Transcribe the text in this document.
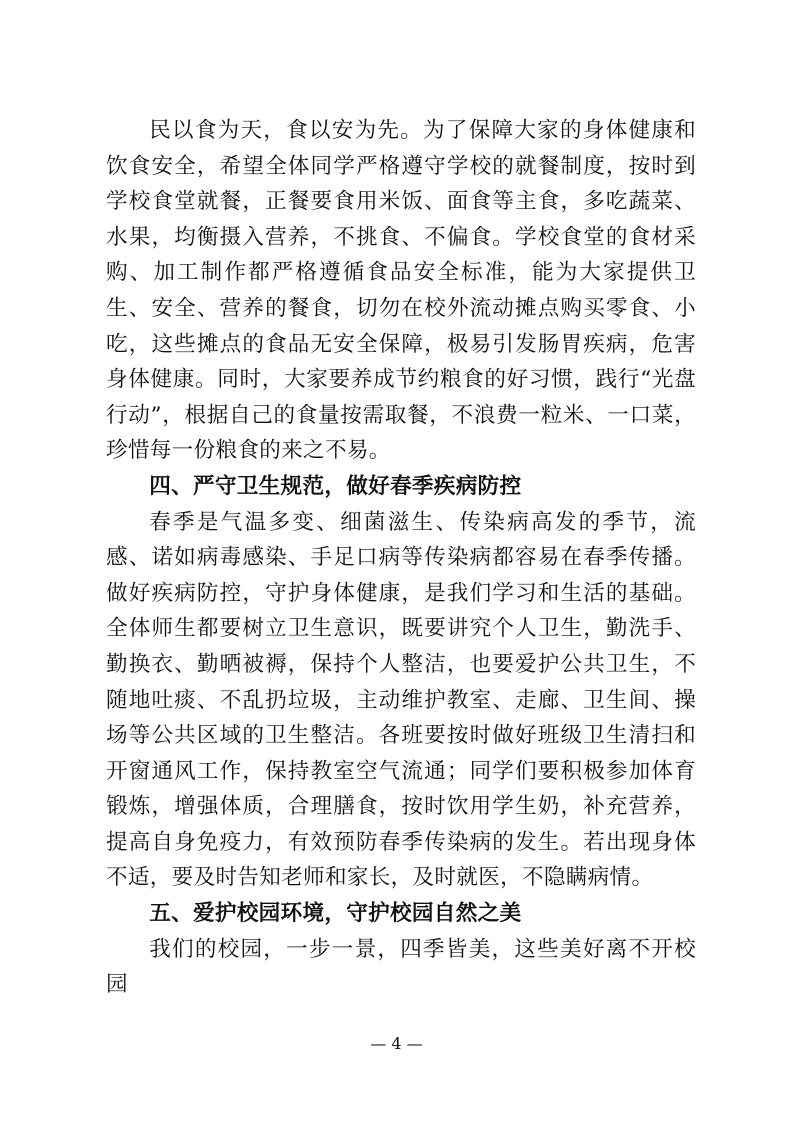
民以食为天，食以安为先。为了保障大家的身体健康和饮食安全，希望全体同学严格遵守学校的就餐制度，按时到学校食堂就餐，正餐要食用米饭、面食等主食，多吃蔬菜、水果，均衡摄入营养，不挑食、不偏食。学校食堂的食材采购、加工制作都严格遵循食品安全标准，能为大家提供卫生、安全、营养的餐食，切勿在校外流动摊点购买零食、小吃，这些摊点的食品无安全保障，极易引发肠胃疾病，危害身体健康。同时，大家要养成节约粮食的好习惯，践行“光盘行动”，根据自己的食量按需取餐，不浪费一粒米、一口菜，珍惜每一份粮食的来之不易。

四、严守卫生规范，做好春季疾病防控

春季是气温多变、细菌滋生、传染病高发的季节，流感、诺如病毒感染、手足口病等传染病都容易在春季传播。做好疾病防控，守护身体健康，是我们学习和生活的基础。全体师生都要树立卫生意识，既要讲究个人卫生，勤洗手、勤换衣、勤晒被褥，保持个人整洁，也要爱护公共卫生，不随地吐痰、不乱扔垃圾，主动维护教室、走廊、卫生间、操场等公共区域的卫生整洁。各班要按时做好班级卫生清扫和开窗通风工作，保持教室空气流通；同学们要积极参加体育锻炼，增强体质，合理膳食，按时饮用学生奶，补充营养，提高自身免疫力，有效预防春季传染病的发生。若出现身体不适，要及时告知老师和家长，及时就医，不隐瞒病情。

五、爱护校园环境，守护校园自然之美

我们的校园，一步一景，四季皆美，这些美好离不开校园

— 4 —
